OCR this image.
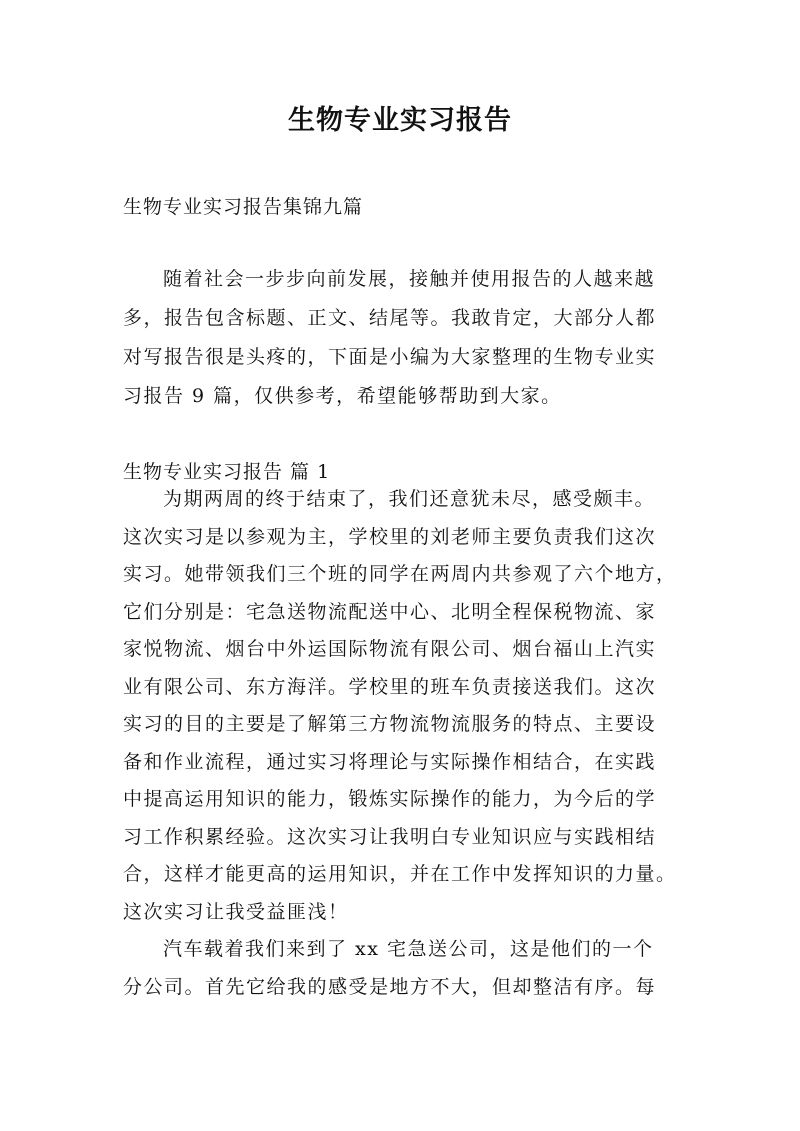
生物专业实习报告
生物专业实习报告集锦九篇
随着社会一步步向前发展，接触并使用报告的人越来越
多，报告包含标题、正文、结尾等。我敢肯定，大部分人都
对写报告很是头疼的，下面是小编为大家整理的生物专业实
习报告 9 篇，仅供参考，希望能够帮助到大家。
生物专业实习报告 篇 1
为期两周的终于结束了，我们还意犹未尽，感受颇丰。
这次实习是以参观为主，学校里的刘老师主要负责我们这次
实习。她带领我们三个班的同学在两周内共参观了六个地方，
它们分别是：宅急送物流配送中心、北明全程保税物流、家
家悦物流、烟台中外运国际物流有限公司、烟台福山上汽实
业有限公司、东方海洋。学校里的班车负责接送我们。这次
实习的目的主要是了解第三方物流物流服务的特点、主要设
备和作业流程，通过实习将理论与实际操作相结合，在实践
中提高运用知识的能力，锻炼实际操作的能力，为今后的学
习工作积累经验。这次实习让我明白专业知识应与实践相结
合，这样才能更高的运用知识，并在工作中发挥知识的力量。
这次实习让我受益匪浅！
汽车载着我们来到了 xx 宅急送公司，这是他们的一个
分公司。首先它给我的感受是地方不大，但却整洁有序。每
